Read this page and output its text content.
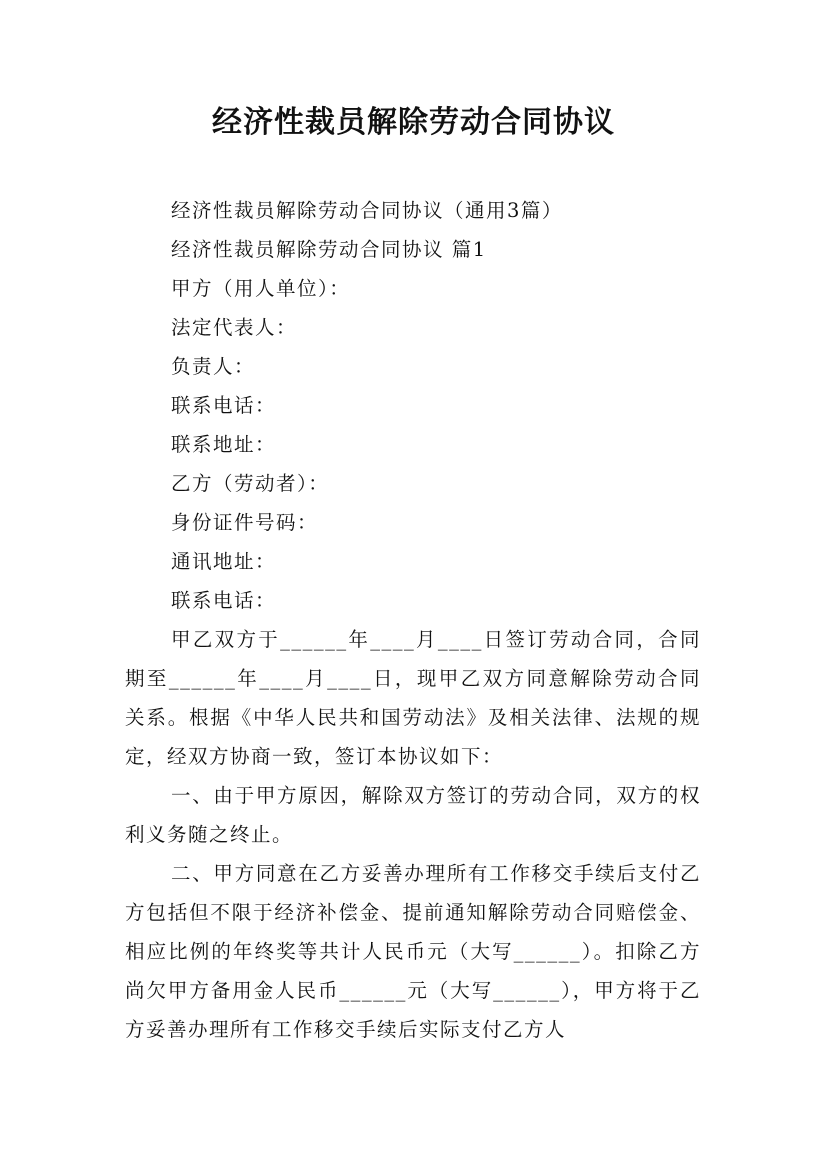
经济性裁员解除劳动合同协议

经济性裁员解除劳动合同协议（通用3篇）

经济性裁员解除劳动合同协议 篇1

甲方（用人单位）：

法定代表人：

负责人：

联系电话：

联系地址：

乙方（劳动者）：

身份证件号码：

通讯地址：

联系电话：

甲乙双方于______年____月____日签订劳动合同，合同期至______年____月____日，现甲乙双方同意解除劳动合同关系。根据《中华人民共和国劳动法》及相关法律、法规的规定，经双方协商一致，签订本协议如下：

一、由于甲方原因，解除双方签订的劳动合同，双方的权利义务随之终止。

二、甲方同意在乙方妥善办理所有工作移交手续后支付乙方包括但不限于经济补偿金、提前通知解除劳动合同赔偿金、相应比例的年终奖等共计人民币元（大写______）。扣除乙方尚欠甲方备用金人民币______元（大写______），甲方将于乙方妥善办理所有工作移交手续后实际支付乙方人
